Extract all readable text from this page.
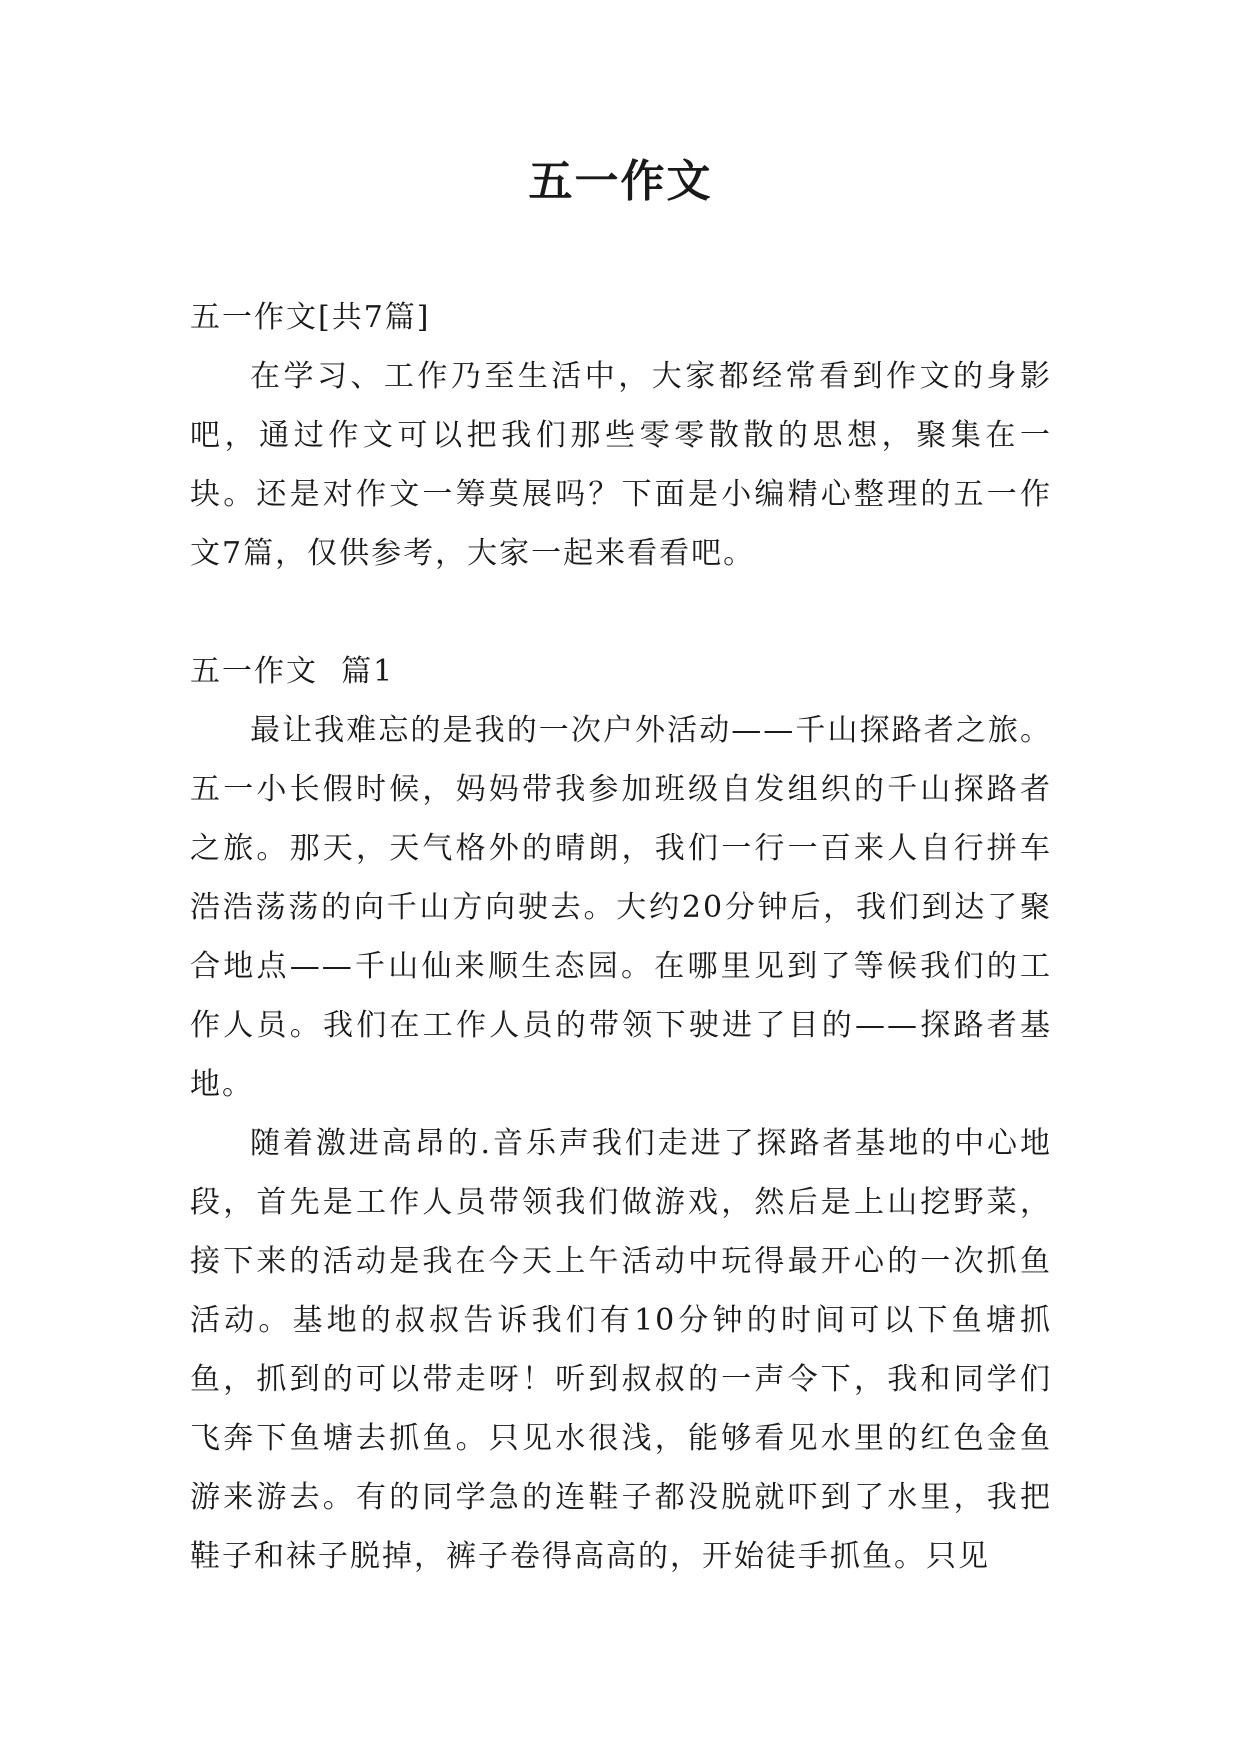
五一作文

五一作文[共7篇]

在学习、工作乃至生活中，大家都经常看到作文的身影吧，通过作文可以把我们那些零零散散的思想，聚集在一块。还是对作文一筹莫展吗？下面是小编精心整理的五一作文7篇，仅供参考，大家一起来看看吧。

五一作文  篇1

最让我难忘的是我的一次户外活动——千山探路者之旅。五一小长假时候，妈妈带我参加班级自发组织的千山探路者之旅。那天，天气格外的晴朗，我们一行一百来人自行拼车浩浩荡荡的向千山方向驶去。大约20分钟后，我们到达了聚合地点——千山仙来顺生态园。在哪里见到了等候我们的工作人员。我们在工作人员的带领下驶进了目的——探路者基地。

随着激进高昂的.音乐声我们走进了探路者基地的中心地段，首先是工作人员带领我们做游戏，然后是上山挖野菜，接下来的活动是我在今天上午活动中玩得最开心的一次抓鱼活动。基地的叔叔告诉我们有10分钟的时间可以下鱼塘抓鱼，抓到的可以带走呀！听到叔叔的一声令下，我和同学们飞奔下鱼塘去抓鱼。只见水很浅，能够看见水里的红色金鱼游来游去。有的同学急的连鞋子都没脱就吓到了水里，我把鞋子和袜子脱掉，裤子卷得高高的，开始徒手抓鱼。只见
